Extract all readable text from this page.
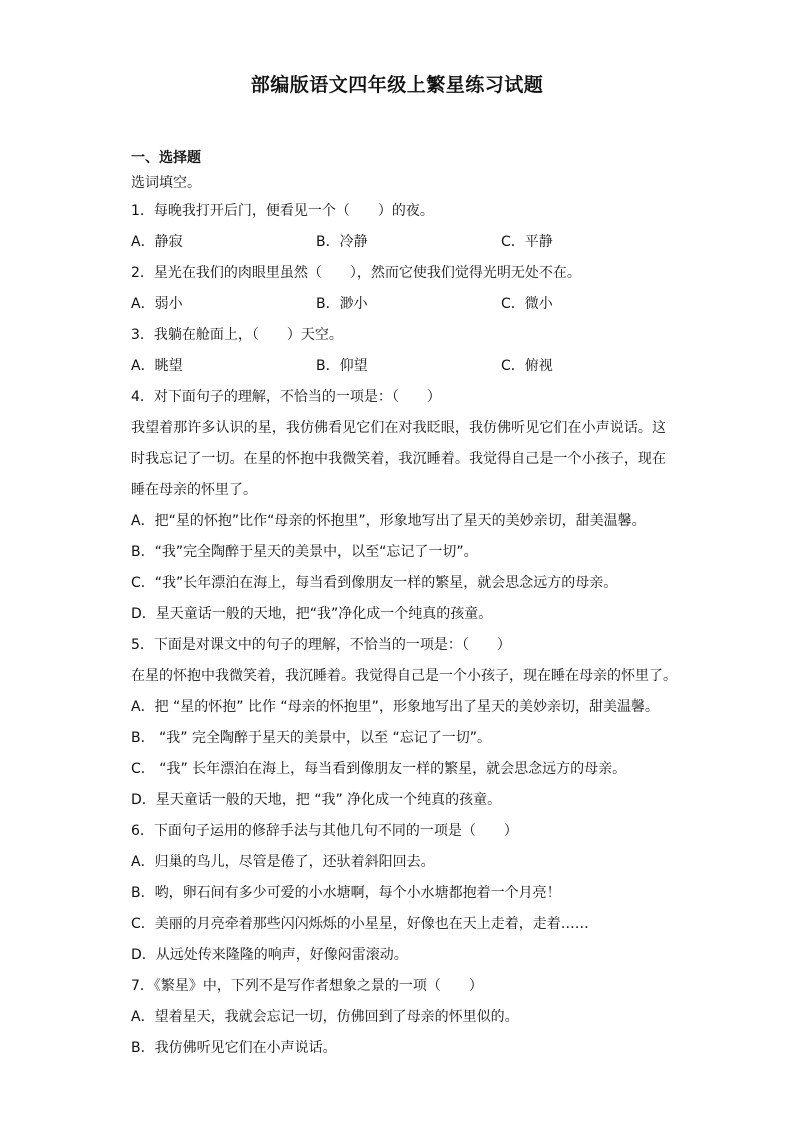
部编版语文四年级上繁星练习试题
一、选择题
选词填空。
1．每晚我打开后门，便看见一个（　　）的夜。
A．静寂	B．冷静	C．平静
2．星光在我们的肉眼里虽然（　　），然而它使我们觉得光明无处不在。
A．弱小	B．渺小	C．微小
3．我躺在舱面上，（　　）天空。
A．眺望	B．仰望	C．俯视
4．对下面句子的理解，不恰当的一项是：（　　）
我望着那许多认识的星，我仿佛看见它们在对我眨眼，我仿佛听见它们在小声说话。这时我忘记了一切。在星的怀抱中我微笑着，我沉睡着。我觉得自己是一个小孩子，现在睡在母亲的怀里了。
A．把“星的怀抱”比作“母亲的怀抱里”，形象地写出了星天的美妙亲切，甜美温馨。
B．“我”完全陶醉于星天的美景中，以至“忘记了一切”。
C．“我”长年漂泊在海上，每当看到像朋友一样的繁星，就会思念远方的母亲。
D．星天童话一般的天地，把“我”净化成一个纯真的孩童。
5．下面是对课文中的句子的理解，不恰当的一项是：（　　）
在星的怀抱中我微笑着，我沉睡着。我觉得自己是一个小孩子，现在睡在母亲的怀里了。
A．把 “星的怀抱” 比作 “母亲的怀抱里”，形象地写出了星天的美妙亲切，甜美温馨。
B． “我” 完全陶醉于星天的美景中，以至 “忘记了一切”。
C． “我” 长年漂泊在海上，每当看到像朋友一样的繁星，就会思念远方的母亲。
D．星天童话一般的天地，把 “我” 净化成一个纯真的孩童。
6．下面句子运用的修辞手法与其他几句不同的一项是（　　）
A．归巢的鸟儿，尽管是倦了，还驮着斜阳回去。
B．哟，卵石间有多少可爱的小水塘啊，每个小水塘都抱着一个月亮！
C．美丽的月亮牵着那些闪闪烁烁的小星星，好像也在天上走着，走着……
D．从远处传来隆隆的响声，好像闷雷滚动。
7．《繁星》中，下列不是写作者想象之景的一项（　　）
A．望着星天，我就会忘记一切，仿佛回到了母亲的怀里似的。
B．我仿佛听见它们在小声说话。
